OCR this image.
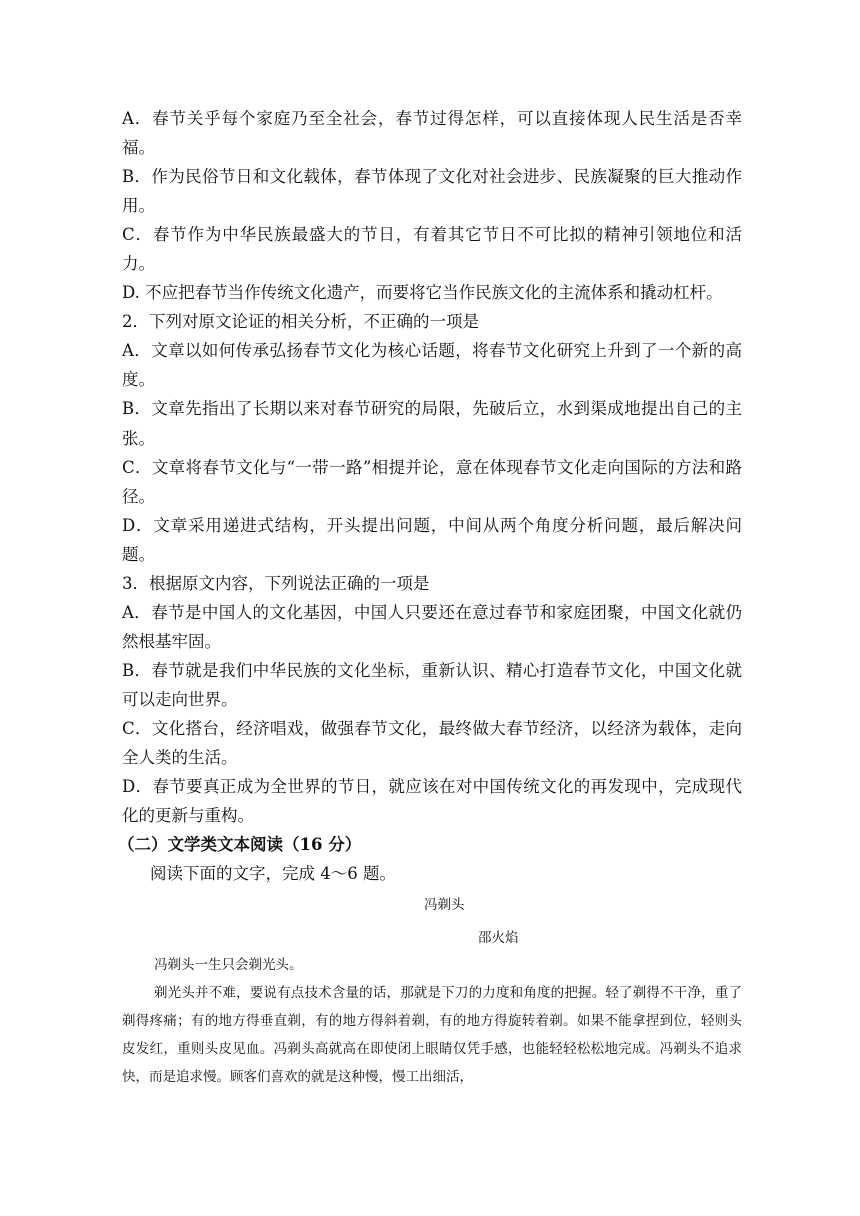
A．春节关乎每个家庭乃至全社会，春节过得怎样，可以直接体现人民生活是否幸福。

B．作为民俗节日和文化载体，春节体现了文化对社会进步、民族凝聚的巨大推动作用。

C．春节作为中华民族最盛大的节日，有着其它节日不可比拟的精神引领地位和活力。

D. 不应把春节当作传统文化遗产，而要将它当作民族文化的主流体系和撬动杠杆。

2．下列对原文论证的相关分析，不正确的一项是

A．文章以如何传承弘扬春节文化为核心话题，将春节文化研究上升到了一个新的高度。

B．文章先指出了长期以来对春节研究的局限，先破后立，水到渠成地提出自己的主张。

C．文章将春节文化与“一带一路”相提并论，意在体现春节文化走向国际的方法和路径。

D．文章采用递进式结构，开头提出问题，中间从两个角度分析问题，最后解决问题。

3．根据原文内容，下列说法正确的一项是

A．春节是中国人的文化基因，中国人只要还在意过春节和家庭团聚，中国文化就仍然根基牢固。

B．春节就是我们中华民族的文化坐标，重新认识、精心打造春节文化，中国文化就可以走向世界。

C．文化搭台，经济唱戏，做强春节文化，最终做大春节经济，以经济为载体，走向全人类的生活。

D．春节要真正成为全世界的节日，就应该在对中国传统文化的再发现中，完成现代化的更新与重构。

（二）文学类文本阅读（16 分）

阅读下面的文字，完成 4～6 题。

冯剃头
邵火焰

冯剃头一生只会剃光头。

剃光头并不难，要说有点技术含量的话，那就是下刀的力度和角度的把握。轻了剃得不干净，重了剃得疼痛；有的地方得垂直剃，有的地方得斜着剃，有的地方得旋转着剃。如果不能拿捏到位，轻则头皮发红，重则头皮见血。冯剃头高就高在即使闭上眼睛仅凭手感，也能轻轻松松地完成。冯剃头不追求快，而是追求慢。顾客们喜欢的就是这种慢，慢工出细活，
